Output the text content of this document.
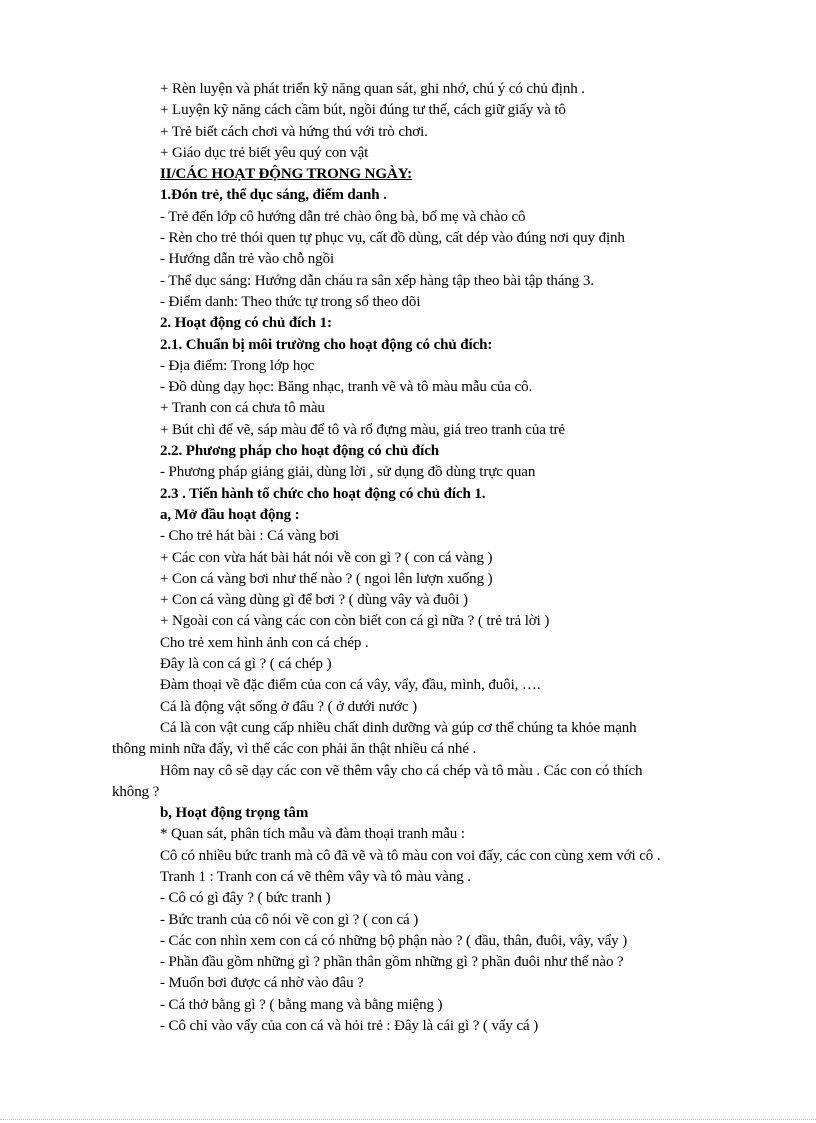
+ Rèn luyện và phát triển kỹ năng quan sát, ghi nhớ, chú ý có chủ định .
+ Luyện kỹ năng cách cầm bút, ngồi đúng tư thế, cách giữ giấy và tô
+ Trẻ biết cách chơi và hứng thú với trò chơi.
+ Giáo dục trẻ biết yêu quý con vật
II/CÁC HOẠT ĐỘNG TRONG NGÀY:
1.Đón trẻ, thể dục sáng, điểm danh .
- Trẻ đến lớp cô hướng dẫn trẻ chào ông bà, bố mẹ và chào cô
- Rèn cho trẻ thói quen tự phục vụ, cất đồ dùng, cất dép vào đúng nơi quy định
- Hướng dẫn trẻ vào chỗ ngồi
- Thể dục sáng: Hướng dẫn cháu ra sân xếp hàng tập theo bài tập tháng 3.
- Điểm danh: Theo thức tự trong sổ theo dõi
2. Hoạt động có chủ đích 1:
2.1. Chuẩn bị môi trường cho hoạt động có chủ đích:
- Địa điểm: Trong lớp học
- Đồ dùng dạy học: Băng nhạc, tranh vẽ và tô màu mẫu của cô.
+ Tranh con cá chưa tô màu
+ Bút chì để vẽ, sáp màu để tô và rổ đựng màu, giá treo tranh của trẻ
2.2. Phương pháp cho hoạt động có chủ đích
- Phương pháp giảng giải, dùng lời , sử dụng đồ dùng trực quan
2.3 . Tiến hành tổ chức cho hoạt động có chủ đích 1.
a, Mở đầu hoạt động :
- Cho trẻ hát bài : Cá vàng bơi
+ Các con vừa hát bài hát nói về con gì ? ( con cá vàng )
+ Con cá vàng bơi như thế nào ? ( ngoi lên lượn xuống )
+ Con cá vàng dùng gì để bơi ? ( dùng vây và đuôi )
+ Ngoài con cá vàng các con còn biết con cá gì nữa ? ( trẻ trả lời )
Cho trẻ xem hình ảnh con cá chép .
Đây là con cá gì ? ( cá chép )
Đàm thoại về đặc điểm của con cá vây, vẩy, đầu, mình, đuôi, ….
Cá là động vật sống ở đâu ? ( ở dưới nước )
Cá là con vật cung cấp nhiều chất dinh dưỡng và gúp cơ thể chúng ta khỏe mạnh
thông minh nữa đấy, vì thế các con phải ăn thật nhiều cá nhé .
Hôm nay cô sẽ dạy các con vẽ thêm vây cho cá chép và tô màu . Các con có thích
không ?
b, Hoạt động trọng tâm
* Quan sát, phân tích mẫu và đàm thoại tranh mẫu :
Cô có nhiều bức tranh mà cô đã vẽ và tô màu con voi đấy, các con cùng xem với cô .
Tranh 1 : Tranh con cá vẽ thêm vây và tô màu vàng .
- Cô có gì đây ? ( bức tranh )
- Bức tranh của cô nói về con gì ? ( con cá )
- Các con nhìn xem con cá có những bộ phận nào ? ( đầu, thân, đuôi, vây, vẩy )
- Phần đầu gồm những gì ? phần thân gồm những gì ? phần đuôi như thế nào ?
- Muốn bơi được cá nhờ vào đâu ?
- Cá thở bằng gì ? ( bằng mang và bằng miệng )
- Cô chỉ vào vẩy của con cá và hỏi trẻ : Đây là cái gì ? ( vẩy cá )
